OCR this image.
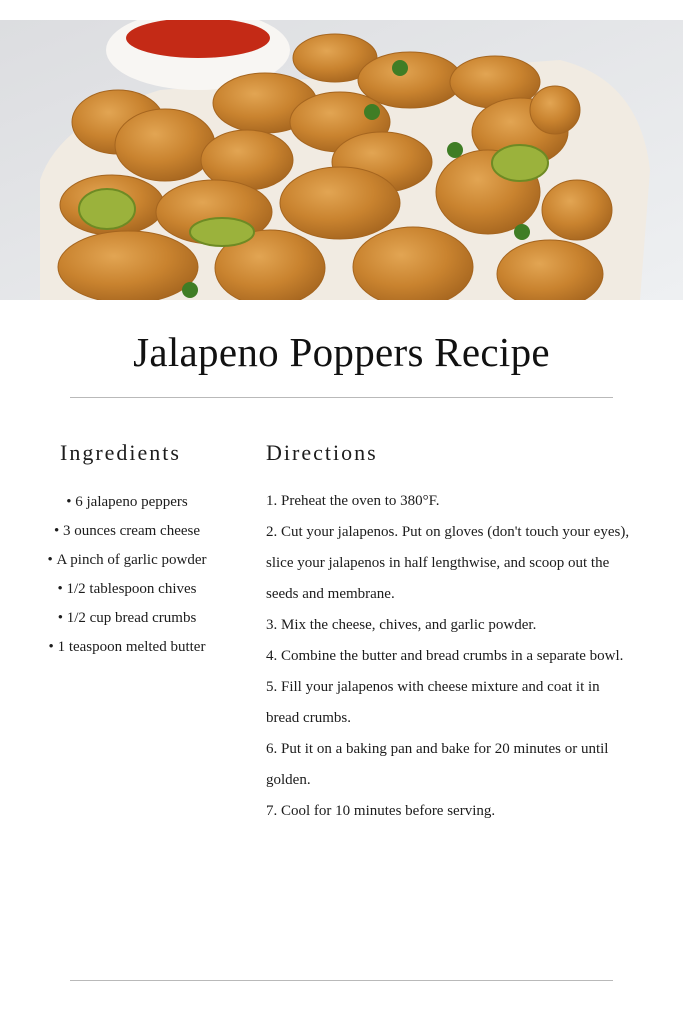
Jalapeno Poppers Recipe
Ingredients
• 6 jalapeno peppers
• 3 ounces cream cheese
• A pinch of garlic powder
• 1/2 tablespoon chives
• 1/2 cup bread crumbs
• 1 teaspoon melted butter
Directions
1. Preheat the oven to 380°F.
2. Cut your jalapenos. Put on gloves (don't touch your eyes), slice your jalapenos in half lengthwise, and scoop out the seeds and membrane.
3. Mix the cheese, chives, and garlic powder.
4. Combine the butter and bread crumbs in a separate bowl.
5. Fill your jalapenos with cheese mixture and coat it in bread crumbs.
6. Put it on a baking pan and bake for 20 minutes or until golden.
7. Cool for 10 minutes before serving.
